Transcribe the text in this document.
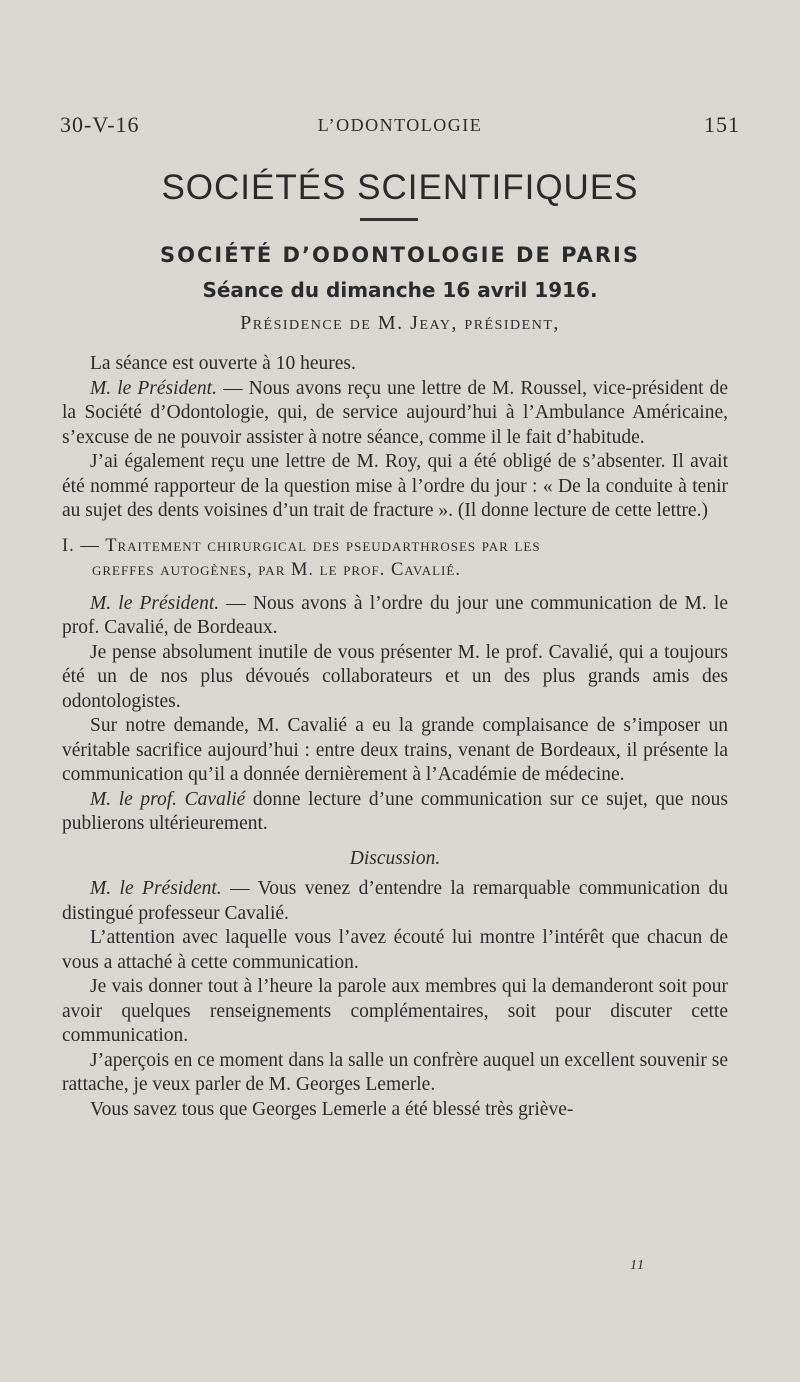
30-V-16	L’ODONTOLOGIE	151
SOCIÉTÉS SCIENTIFIQUES
SOCIÉTÉ D’ODONTOLOGIE DE PARIS
Séance du dimanche 16 avril 1916.
Présidence de M. Jeay, président,

La séance est ouverte à 10 heures.

M. le Président. — Nous avons reçu une lettre de M. Roussel, vice-président de la Société d’Odontologie, qui, de service aujourd’hui à l’Ambulance Américaine, s’excuse de ne pouvoir assister à notre séance, comme il le fait d’habitude.

J’ai également reçu une lettre de M. Roy, qui a été obligé de s’absenter. Il avait été nommé rapporteur de la question mise à l’ordre du jour : « De la conduite à tenir au sujet des dents voisines d’un trait de fracture ». (Il donne lecture de cette lettre.)

I. — Traitement chirurgical des pseudarthroses par les
greffes autogènes, par M. le prof. Cavalié.

M. le Président. — Nous avons à l’ordre du jour une communication de M. le prof. Cavalié, de Bordeaux.

Je pense absolument inutile de vous présenter M. le prof. Cavalié, qui a toujours été un de nos plus dévoués collaborateurs et un des plus grands amis des odontologistes.

Sur notre demande, M. Cavalié a eu la grande complaisance de s’imposer un véritable sacrifice aujourd’hui : entre deux trains, venant de Bordeaux, il présente la communication qu’il a donnée dernièrement à l’Académie de médecine.

M. le prof. Cavalié donne lecture d’une communication sur ce sujet, que nous publierons ultérieurement.

Discussion.

M. le Président. — Vous venez d’entendre la remarquable communication du distingué professeur Cavalié.

L’attention avec laquelle vous l’avez écouté lui montre l’intérêt que chacun de vous a attaché à cette communication.

Je vais donner tout à l’heure la parole aux membres qui la demanderont soit pour avoir quelques renseignements complémentaires, soit pour discuter cette communication.

J’aperçois en ce moment dans la salle un confrère auquel un excellent souvenir se rattache, je veux parler de M. Georges Lemerle.

Vous savez tous que Georges Lemerle a été blessé très griève-

11
